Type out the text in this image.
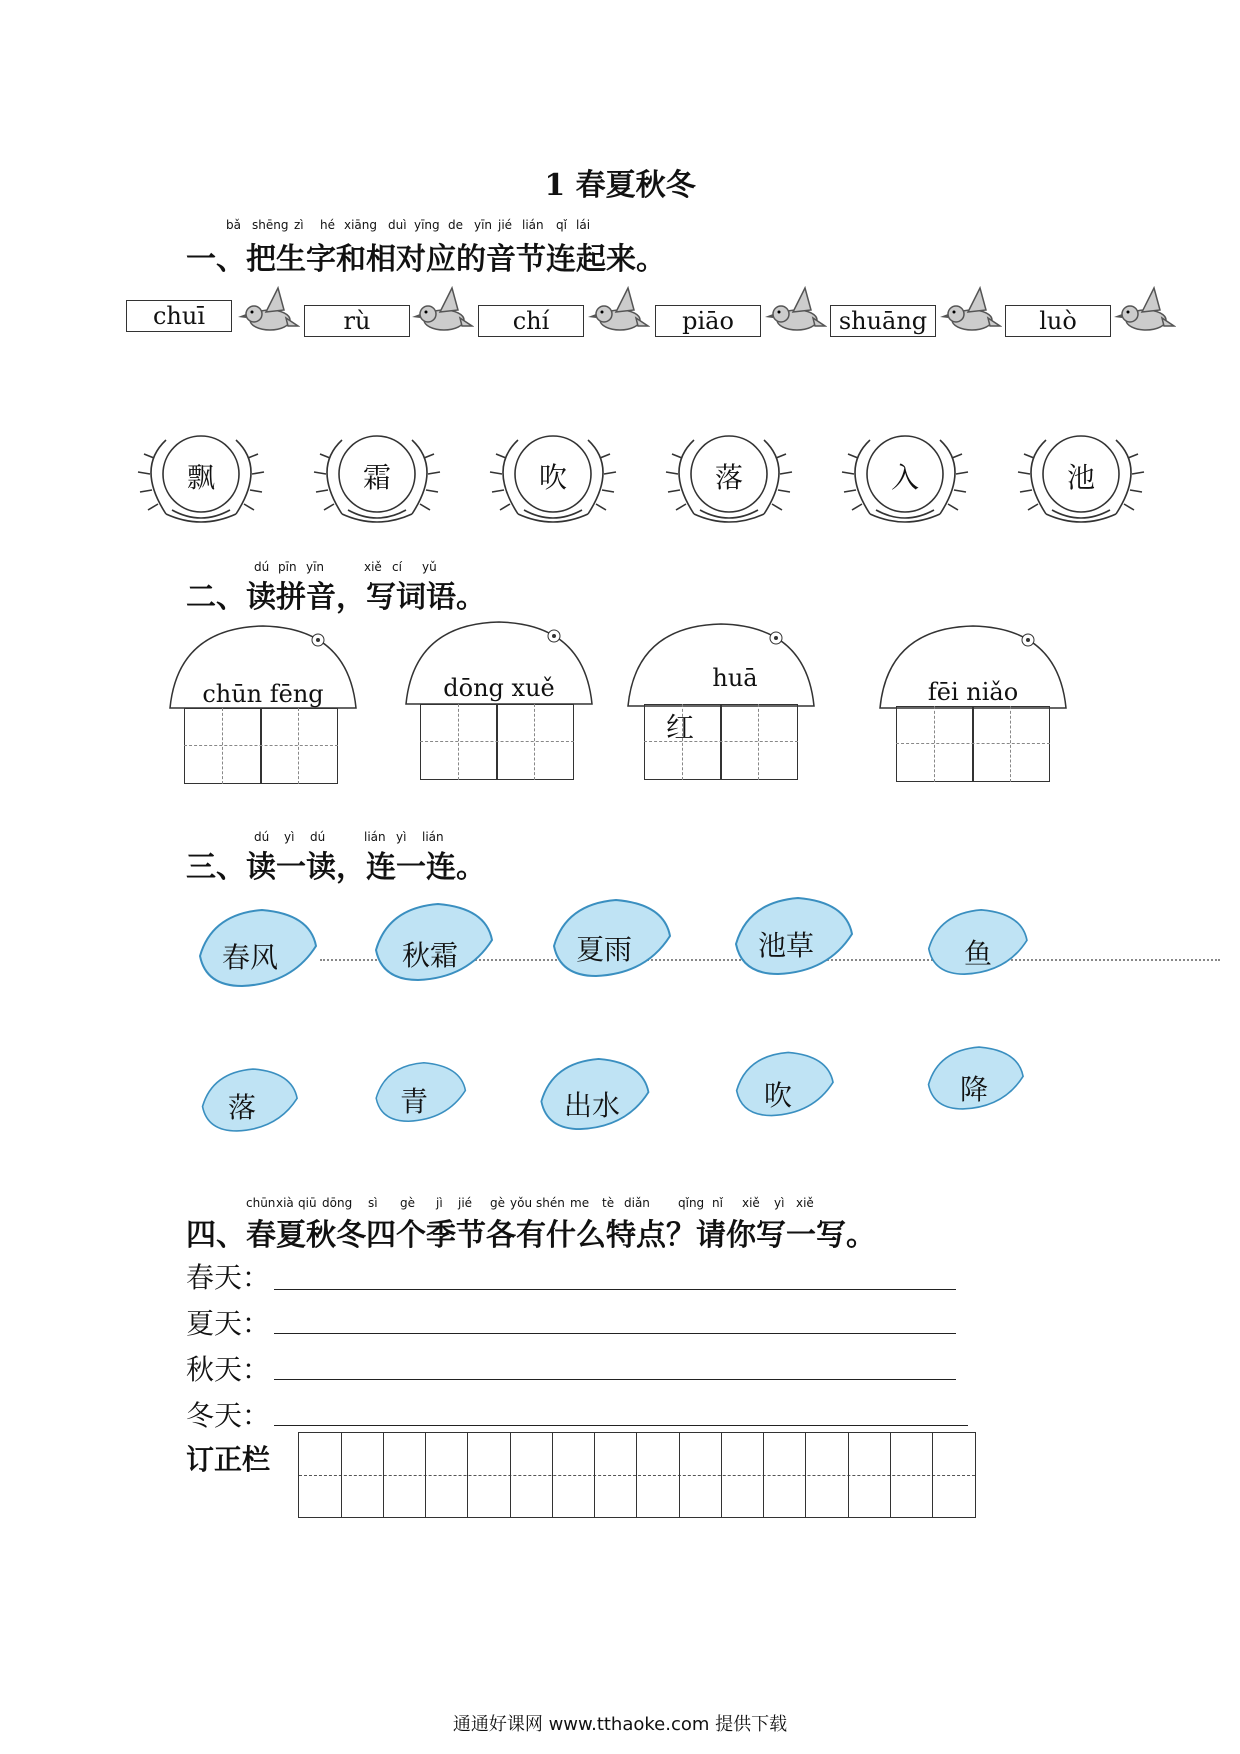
1 春夏秋冬
bǎ shēng zì hé xiāng duì yīng de yīn jié lián qǐ lái
一、把生字和相对应的音节连起来。
chuī	rù	chí	piāo	shuāng	luò
飘	霜	吹	落	入	池
dú pīn yīn	xiě cí yǔ
二、读拼音，写词语。
chūn fēng	dōng xuě	huā
红
fēi niǎo
dú yì dú	lián yì lián
三、读一读，连一连。
春风	秋霜	夏雨	池草	鱼
落	青	出水	吹	降
chūn xià qiū dōng sì gè jì jié gè yǒu shén me tè diǎn qǐng nǐ xiě yì xiě
四、春夏秋冬四个季节各有什么特点？请你写一写。
春天：
夏天：
秋天：
冬天：
订正栏
通通好课网 www.tthaoke.com 提供下载
